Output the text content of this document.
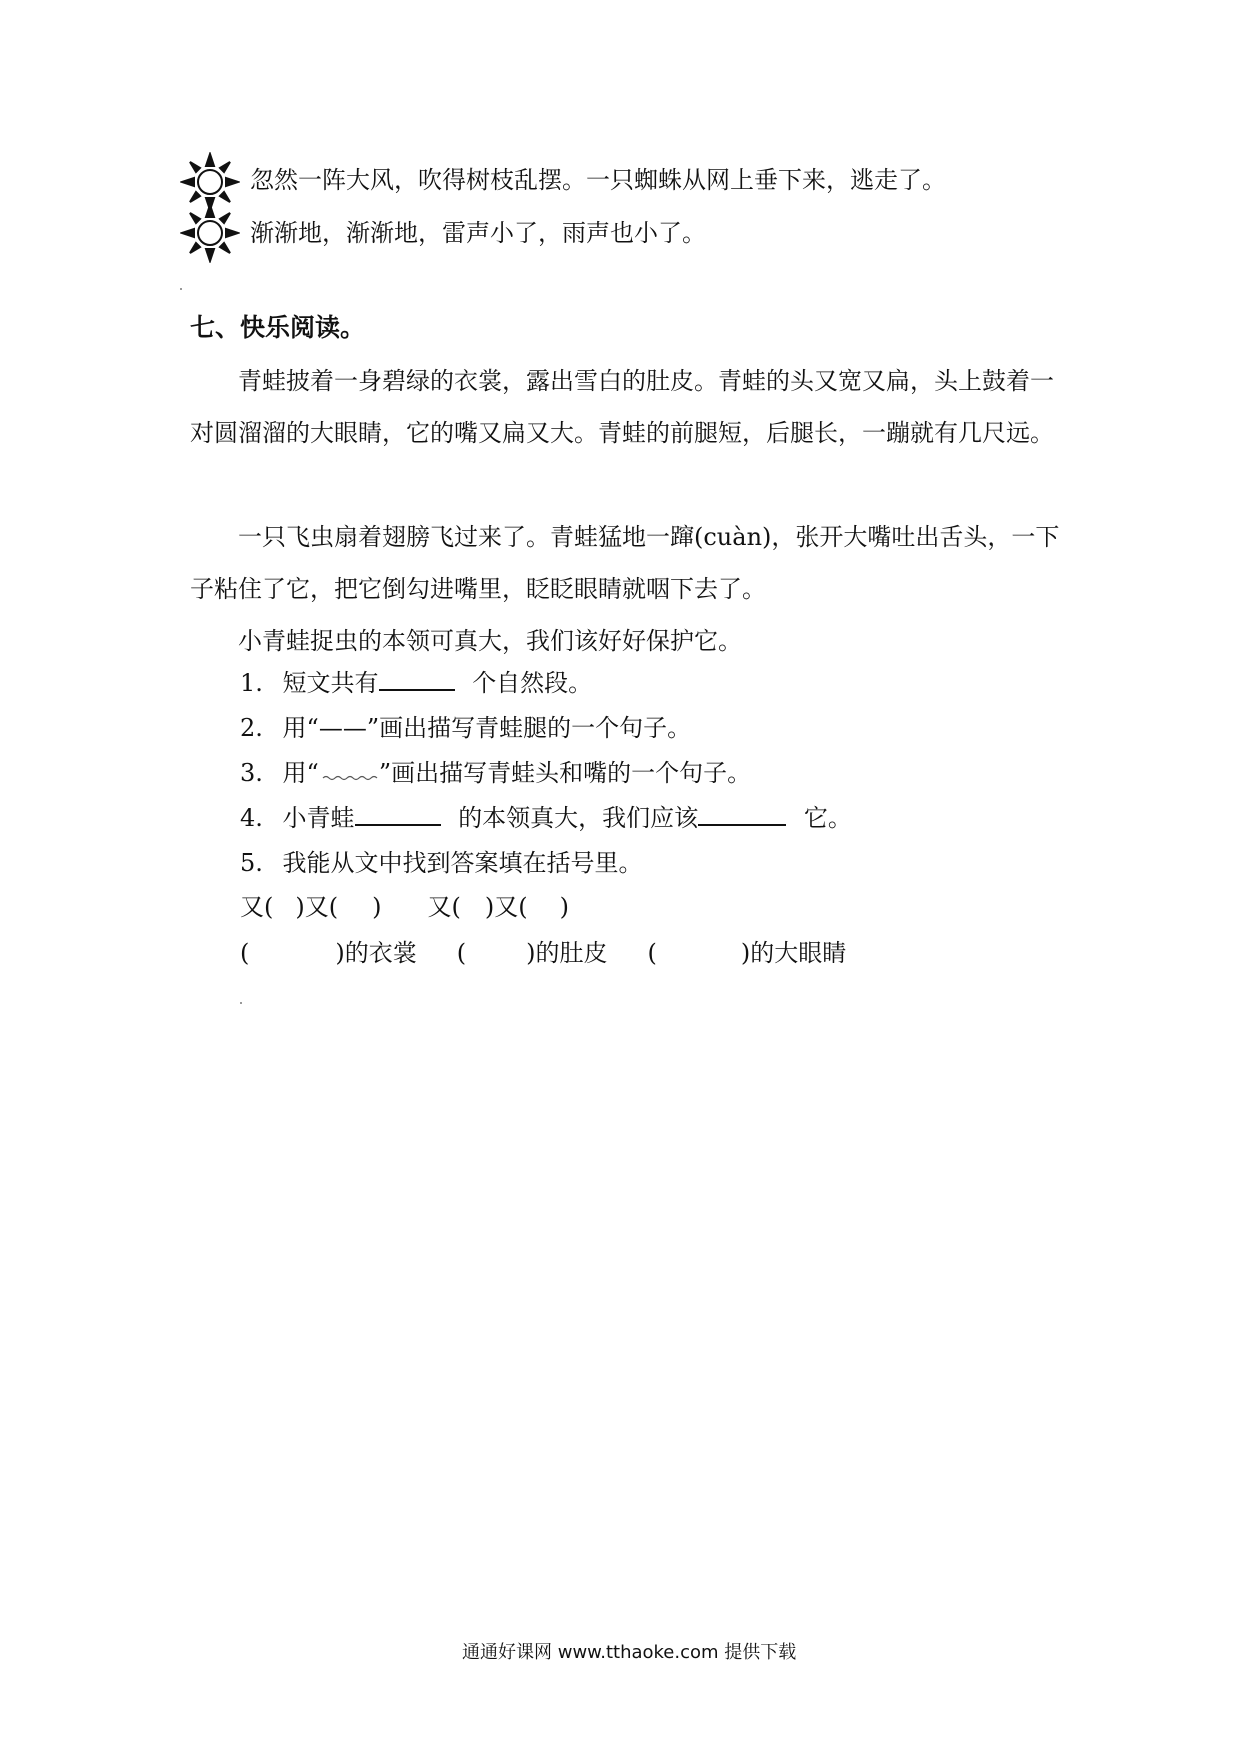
忽然一阵大风，吹得树枝乱摆。一只蜘蛛从网上垂下来，逃走了。
渐渐地，渐渐地，雷声小了，雨声也小了。
七、快乐阅读。
青蛙披着一身碧绿的衣裳，露出雪白的肚皮。青蛙的头又宽又扁，头上鼓着一对圆溜溜的大眼睛，它的嘴又扁又大。青蛙的前腿短，后腿长，一蹦就有几尺远。
一只飞虫扇着翅膀飞过来了。青蛙猛地一蹿(cuàn)，张开大嘴吐出舌头，一下子粘住了它，把它倒勾进嘴里，眨眨眼睛就咽下去了。
小青蛙捉虫的本领可真大，我们该好好保护它。
1. 短文共有	个自然段。
2. 用“——”画出描写青蛙腿的一个句子。
3. 用“	”画出描写青蛙头和嘴的一个句子。
4. 小青蛙	的本领真大，我们应该	它。
5. 我能从文中找到答案填在括号里。
又( )又( ) 又( )又( )
(	)的衣裳 (	)的肚皮 (	)的大眼睛
通通好课网 www.tthaoke.com 提供下载
